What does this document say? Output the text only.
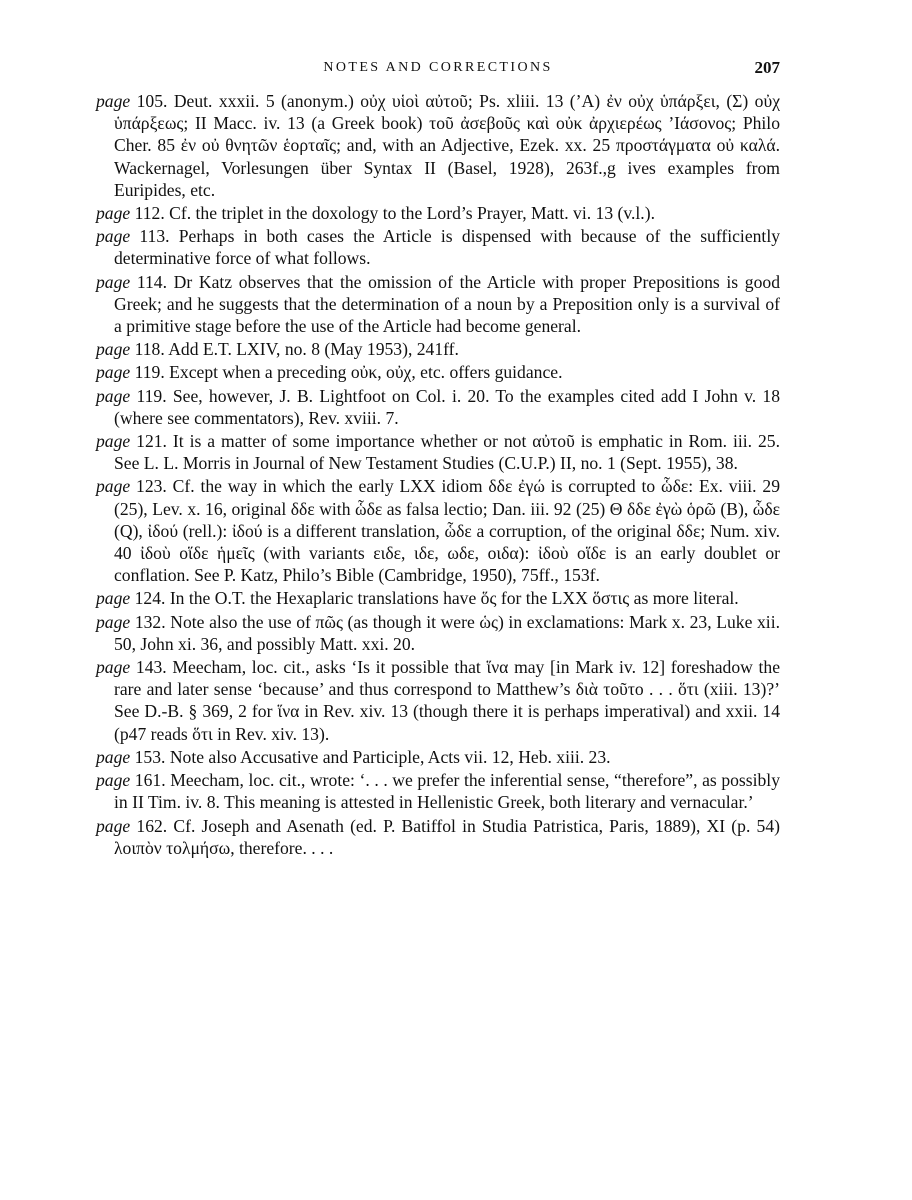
NOTES AND CORRECTIONS	207

page 105. Deut. xxxii. 5 (anonym.) οὐχ υἱοὶ αὐτοῦ; Ps. xliii. 13 (’A) ἐν οὐχ ὑπάρξει, (Σ) οὐχ ὑπάρξεως; II Macc. iv. 13 (a Greek book) τοῦ ἀσεβοῦς καὶ οὐκ ἀρχιερέως ’Ιάσονος; Philo Cher. 85 ἐν οὐ θνητῶν ἑορταῖς; and, with an Adjective, Ezek. xx. 25 προστάγματα οὐ καλά. Wackernagel, Vorlesungen über Syntax II (Basel, 1928), 263f.,g ives examples from Euripides, etc.

page 112. Cf. the triplet in the doxology to the Lord’s Prayer, Matt. vi. 13 (v.l.).

page 113. Perhaps in both cases the Article is dispensed with because of the sufficiently determinative force of what follows.

page 114. Dr Katz observes that the omission of the Article with proper Prepositions is good Greek; and he suggests that the determination of a noun by a Preposition only is a survival of a primitive stage before the use of the Article had become general.

page 118. Add E.T. LXIV, no. 8 (May 1953), 241ff.

page 119. Except when a preceding οὐκ, οὐχ, etc. offers guidance.

page 119. See, however, J. B. Lightfoot on Col. i. 20. To the examples cited add I John v. 18 (where see commentators), Rev. xviii. 7.

page 121. It is a matter of some importance whether or not αὐτοῦ is emphatic in Rom. iii. 25. See L. L. Morris in Journal of New Testament Studies (C.U.P.) II, no. 1 (Sept. 1955), 38.

page 123. Cf. the way in which the early LXX idiom δδε ἐγώ is corrupted to ὧδε: Ex. viii. 29 (25), Lev. x. 16, original δδε with ὧδε as falsa lectio; Dan. iii. 92 (25) Θ δδε ἐγὼ ὁρῶ (B), ὧδε (Q), ἰδού (rell.): ἰδού is a different translation, ὧδε a corruption, of the original δδε; Num. xiv. 40 ἰδοὺ οἵδε ἡμεῖς (with variants ειδε, ιδε, ωδε, οιδα): ἰδοὺ οἵδε is an early doublet or conflation. See P. Katz, Philo’s Bible (Cambridge, 1950), 75ff., 153f.

page 124. In the O.T. the Hexaplaric translations have ὅς for the LXX ὅστις as more literal.

page 132. Note also the use of πῶς (as though it were ὡς) in exclamations: Mark x. 23, Luke xii. 50, John xi. 36, and possibly Matt. xxi. 20.

page 143. Meecham, loc. cit., asks ‘Is it possible that ἵνα may [in Mark iv. 12] foreshadow the rare and later sense ‘because’ and thus correspond to Matthew’s διὰ τοῦτο . . . ὅτι (xiii. 13)?’ See D.-B. § 369, 2 for ἵνα in Rev. xiv. 13 (though there it is perhaps imperatival) and xxii. 14 (p47 reads ὅτι in Rev. xiv. 13).

page 153. Note also Accusative and Participle, Acts vii. 12, Heb. xiii. 23.

page 161. Meecham, loc. cit., wrote: ‘. . . we prefer the inferential sense, “therefore”, as possibly in II Tim. iv. 8. This meaning is attested in Hellenistic Greek, both literary and vernacular.’

page 162. Cf. Joseph and Asenath (ed. P. Batiffol in Studia Patristica, Paris, 1889), XI (p. 54) λοιπὸν τολμήσω, therefore. . . .
